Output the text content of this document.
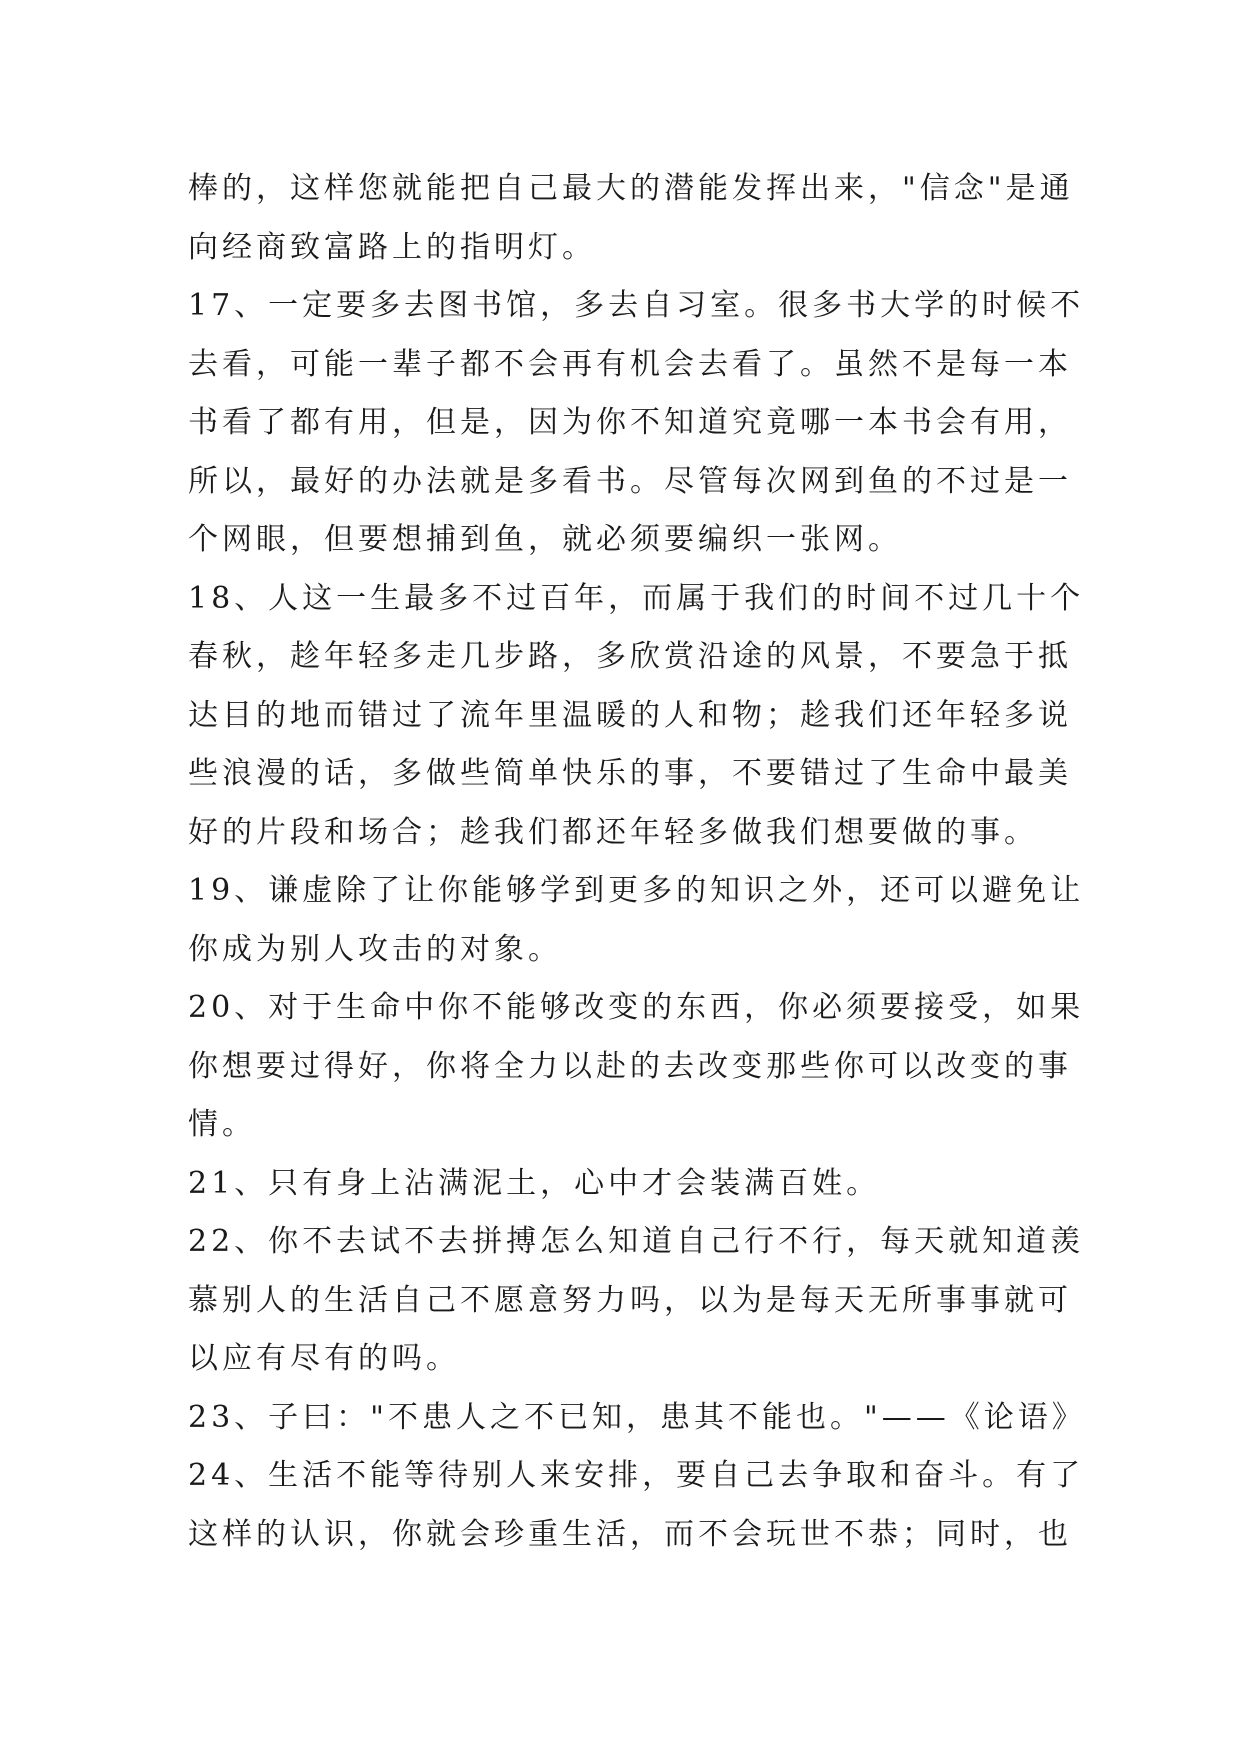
棒的，这样您就能把自己最大的潜能发挥出来，"信念"是通
向经商致富路上的指明灯。
17、一定要多去图书馆，多去自习室。很多书大学的时候不
去看，可能一辈子都不会再有机会去看了。虽然不是每一本
书看了都有用，但是，因为你不知道究竟哪一本书会有用，
所以，最好的办法就是多看书。尽管每次网到鱼的不过是一
个网眼，但要想捕到鱼，就必须要编织一张网。
18、人这一生最多不过百年，而属于我们的时间不过几十个
春秋，趁年轻多走几步路，多欣赏沿途的风景，不要急于抵
达目的地而错过了流年里温暖的人和物；趁我们还年轻多说
些浪漫的话，多做些简单快乐的事，不要错过了生命中最美
好的片段和场合；趁我们都还年轻多做我们想要做的事。
19、谦虚除了让你能够学到更多的知识之外，还可以避免让
你成为别人攻击的对象。
20、对于生命中你不能够改变的东西，你必须要接受，如果
你想要过得好，你将全力以赴的去改变那些你可以改变的事
情。
21、只有身上沾满泥土，心中才会装满百姓。
22、你不去试不去拼搏怎么知道自己行不行，每天就知道羡
慕别人的生活自己不愿意努力吗，以为是每天无所事事就可
以应有尽有的吗。
23、子曰："不患人之不已知，患其不能也。"——《论语》
24、生活不能等待别人来安排，要自己去争取和奋斗。有了
这样的认识，你就会珍重生活，而不会玩世不恭；同时，也
